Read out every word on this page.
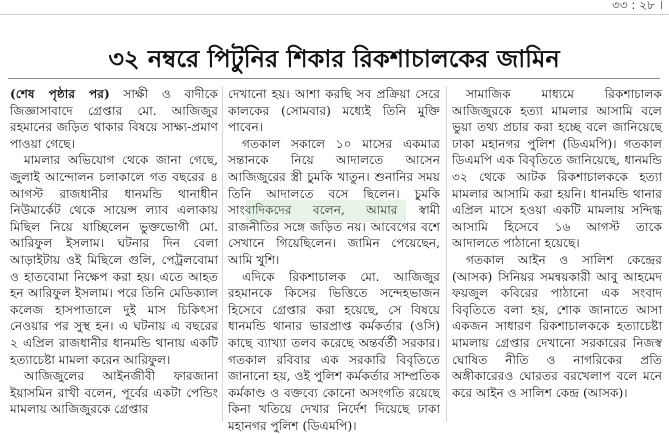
৩৩ : ২৮ ।
৩২ নম্বরে পিটুনির শিকার রিকশাচালকের জামিন

(শেষ পৃষ্ঠার পর) সাক্ষী ও বাদীকে জিজ্ঞাসাবাদে গ্রেপ্তার মো. আজিজুর রহমানের জড়িত থাকার বিষয়ে সাক্ষ্য-প্রমাণ পাওয়া গেছে।

মামলার অভিযোগ থেকে জানা গেছে, জুলাই আন্দোলন চলাকালে গত বছরের ৪ আগস্ট রাজধানীর ধানমন্ডি থানাধীন নিউমার্কেট থেকে সায়েন্স ল্যাব এলাকায় মিছিল নিয়ে যাচ্ছিলেন ভুক্তভোগী মো. আরিফুল ইসলাম। ঘটনার দিন বেলা আড়াইটায় ওই মিছিলে গুলি, পেট্রলবোমা ও হাতবোমা নিক্ষেপ করা হয়। এতে আহত হন আরিফুল ইসলাম। পরে তিনি মেডিক্যাল কলেজ হাসপাতালে দুই মাস চিকিৎসা নেওয়ার পর সুস্থ হন। এ ঘটনায় এ বছরের ২ এপ্রিল রাজধানীর ধানমন্ডি থানায় একটি হত্যাচেষ্টা মামলা করেন আরিফুল।

আজিজুলের আইনজীবী ফারজানা ইয়াসমিন রাখী বলেন, পূর্বের একটা পেন্ডিং মামলায় আজিজুরকে গ্রেপ্তার

দেখানো হয়। আশা করছি সব প্রক্রিয়া সেরে কালকের (সোমবার) মধ্যেই তিনি মুক্তি পাবেন।

গতকাল সকালে ১০ মাসের একমাত্র সন্তানকে নিয়ে আদালতে আসেন আজিজুরের স্ত্রী চুমকি খাতুন। শুনানির সময় তিনি আদালতে বসে ছিলেন। চুমকি সাংবাদিকদের বলেন, আমার স্বামী রাজনীতির সঙ্গে জড়িত নয়। আবেগের বশে সেখানে গিয়েছিলেন। জামিন পেয়েছেন, আমি খুশি।

এদিকে রিকশাচালক মো. আজিজুর রহমানকে কিসের ভিত্তিতে সন্দেহভাজন হিসেবে গ্রেপ্তার করা হয়েছে, সে বিষয়ে ধানমন্ডি থানার ভারপ্রাপ্ত কর্মকর্তার (ওসি) কাছে ব্যাখ্যা তলব করেছে অন্তর্বর্তী সরকার। গতকাল রবিবার এক সরকারি বিবৃতিতে জানানো হয়, ওই পুলিশ কর্মকর্তার সাম্প্রতিক কর্মকাণ্ড ও বক্তব্যে কোনো অসংগতি রয়েছে কিনা খতিয়ে দেখার নির্দেশ দিয়েছে ঢাকা মহানগর পুলিশ (ডিএমপি)।

সামাজিক মাধ্যমে রিকশাচালক আজিজুরকে হত্যা মামলার আসামি বলে ভুয়া তথ্য প্রচার করা হচ্ছে বলে জানিয়েছে ঢাকা মহানগর পুলিশ (ডিএমপি)। গতকাল ডিএমপি এক বিবৃতিতে জানিয়েছে, ধানমন্ডি ৩২ থেকে আটক রিকশাচালককে হত্যা মামলার আসামি করা হয়নি। ধানমন্ডি থানার এপ্রিল মাসে হওয়া একটি মামলায় সন্দিগ্ধ আসামি হিসেবে ১৬ আগস্ট তাকে আদালতে পাঠানো হয়েছে।

গতকাল আইন ও সালিশ কেন্দ্রের (আসক) সিনিয়র সমন্বয়কারী আবু আহমেদ ফয়জুল কবিরের পাঠানো এক সংবাদ বিবৃতিতে বলা হয়, শোক জানাতে আসা একজন সাধারণ রিকশাচালককে হত্যাচেষ্টা মামলায় গ্রেপ্তার দেখানো সরকারের নিজস্ব ঘোষিত নীতি ও নাগরিকের প্রতি অঙ্গীকারেরও ঘোরতর বরখেলাপ বলে মনে করে আইন ও সালিশ কেন্দ্র (আসক)।
